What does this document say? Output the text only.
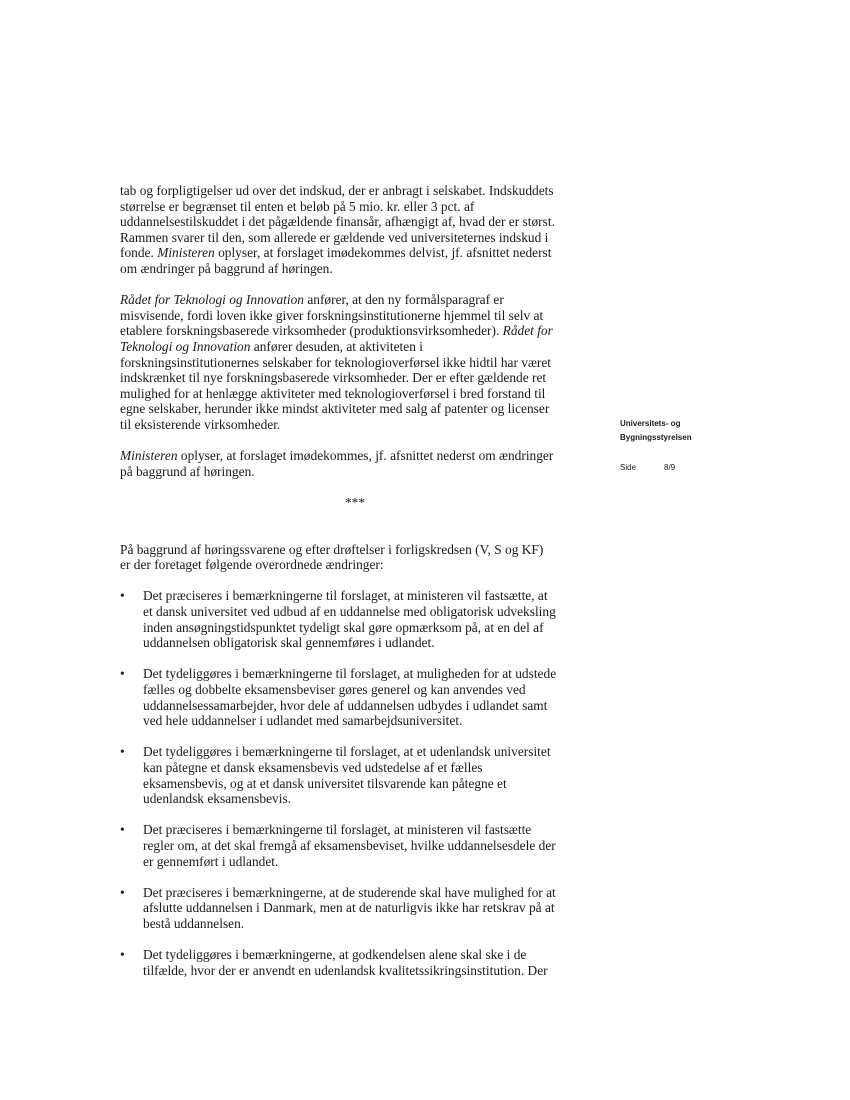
Universitets- og
Bygningsstyrelsen
Side	8/9
tab og forpligtigelser ud over det indskud, der er anbragt i selskabet. Indskuddets
størrelse er begrænset til enten et beløb på 5 mio. kr. eller 3 pct. af
uddannelsestilskuddet i det pågældende finansår, afhængigt af, hvad der er størst.
Rammen svarer til den, som allerede er gældende ved universiteternes indskud i
fonde. Ministeren oplyser, at forslaget imødekommes delvist, jf. afsnittet nederst
om ændringer på baggrund af høringen.
Rådet for Teknologi og Innovation anfører, at den ny formålsparagraf er
misvisende, fordi loven ikke giver forskningsinstitutionerne hjemmel til selv at
etablere forskningsbaserede virksomheder (produktionsvirksomheder). Rådet for
Teknologi og Innovation anfører desuden, at aktiviteten i
forskningsinstitutionernes selskaber for teknologioverførsel ikke hidtil har været
indskrænket til nye forskningsbaserede virksomheder. Der er efter gældende ret
mulighed for at henlægge aktiviteter med teknologioverførsel i bred forstand til
egne selskaber, herunder ikke mindst aktiviteter med salg af patenter og licenser
til eksisterende virksomheder.
Ministeren oplyser, at forslaget imødekommes, jf. afsnittet nederst om ændringer
på baggrund af høringen.
***
På baggrund af høringssvarene og efter drøftelser i forligskredsen (V, S og KF)
er der foretaget følgende overordnede ændringer:
• Det præciseres i bemærkningerne til forslaget, at ministeren vil fastsætte, at
et dansk universitet ved udbud af en uddannelse med obligatorisk udveksling
inden ansøgningstidspunktet tydeligt skal gøre opmærksom på, at en del af
uddannelsen obligatorisk skal gennemføres i udlandet.
• Det tydeliggøres i bemærkningerne til forslaget, at muligheden for at udstede
fælles og dobbelte eksamensbeviser gøres generel og kan anvendes ved
uddannelsessamarbejder, hvor dele af uddannelsen udbydes i udlandet samt
ved hele uddannelser i udlandet med samarbejdsuniversitet.
• Det tydeliggøres i bemærkningerne til forslaget, at et udenlandsk universitet
kan påtegne et dansk eksamensbevis ved udstedelse af et fælles
eksamensbevis, og at et dansk universitet tilsvarende kan påtegne et
udenlandsk eksamensbevis.
• Det præciseres i bemærkningerne til forslaget, at ministeren vil fastsætte
regler om, at det skal fremgå af eksamensbeviset, hvilke uddannelsesdele der
er gennemført i udlandet.
• Det præciseres i bemærkningerne, at de studerende skal have mulighed for at
afslutte uddannelsen i Danmark, men at de naturligvis ikke har retskrav på at
bestå uddannelsen.
• Det tydeliggøres i bemærkningerne, at godkendelsen alene skal ske i de
tilfælde, hvor der er anvendt en udenlandsk kvalitetssikringsinstitution. Der
